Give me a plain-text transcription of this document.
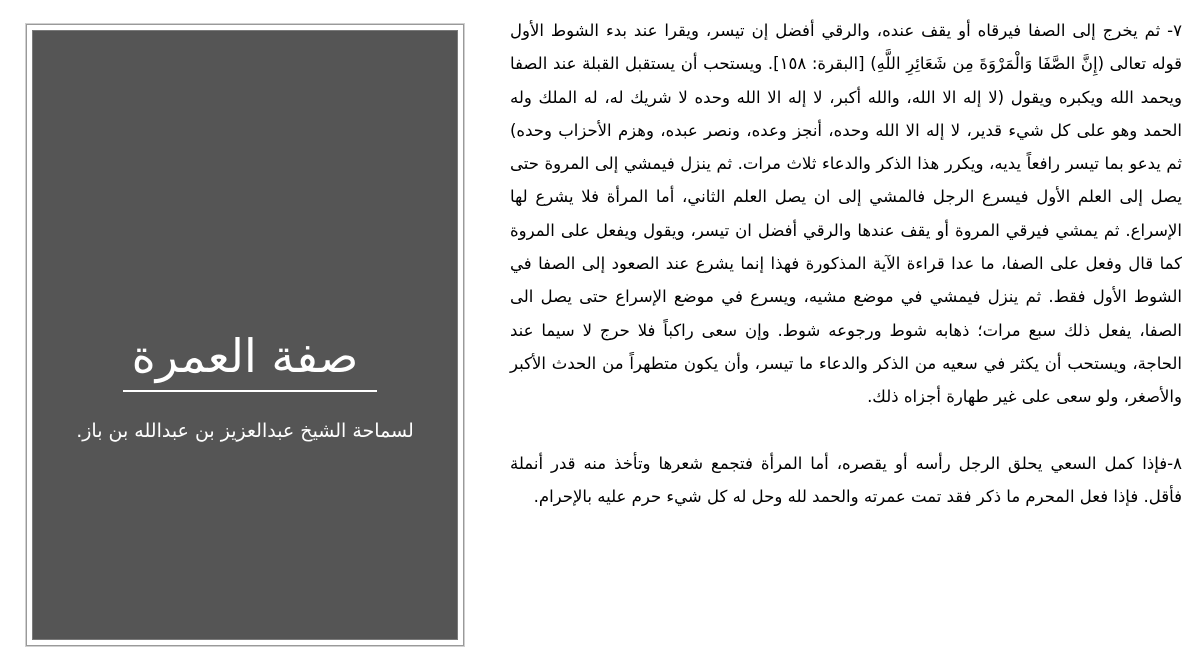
صفة العمرة
لسماحة الشيخ عبدالعزيز بن عبدالله بن باز.

٧- ثم يخرج إلى الصفا فيرقاه أو يقف عنده، والرقي أفضل إن تيسر، ويقرا عند بدء الشوط الأول قوله تعالى (إِنَّ الصَّفَا وَالْمَرْوَةَ مِن شَعَائِرِ اللَّهِ) [البقرة: ١٥٨]. ويستحب أن يستقبل القبلة عند الصفا ويحمد الله ويكبره ويقول (لا إله الا الله، والله أكبر، لا إله الا الله وحده لا شريك له، له الملك وله الحمد وهو على كل شيء قدير، لا إله الا الله وحده، أنجز وعده، ونصر عبده، وهزم الأحزاب وحده) ثم يدعو بما تيسر رافعاً يديه، ويكرر هذا الذكر والدعاء ثلاث مرات. ثم ينزل فيمشي إلى المروة حتى يصل إلى العلم الأول فيسرع الرجل فالمشي إلى ان يصل العلم الثاني، أما المرأة فلا يشرع لها الإسراع. ثم يمشي فيرقي المروة أو يقف عندها والرقي أفضل ان تيسر، ويقول ويفعل على المروة كما قال وفعل على الصفا، ما عدا قراءة الآية المذكورة فهذا إنما يشرع عند الصعود إلى الصفا في الشوط الأول فقط. ثم ينزل فيمشي في موضع مشيه، ويسرع في موضع الإسراع حتى يصل الى الصفا، يفعل ذلك سبع مرات؛ ذهابه شوط ورجوعه شوط. وإن سعى راكباً فلا حرج لا سيما عند الحاجة، ويستحب أن يكثر في سعيه من الذكر والدعاء ما تيسر، وأن يكون متطهراً من الحدث الأكبر والأصغر، ولو سعى على غير طهارة أجزاه ذلك.

٨-فإذا كمل السعي يحلق الرجل رأسه أو يقصره، أما المرأة فتجمع شعرها وتأخذ منه قدر أنملة فأقل. فإذا فعل المحرم ما ذكر فقد تمت عمرته والحمد لله وحل له كل شيء حرم عليه بالإحرام.
